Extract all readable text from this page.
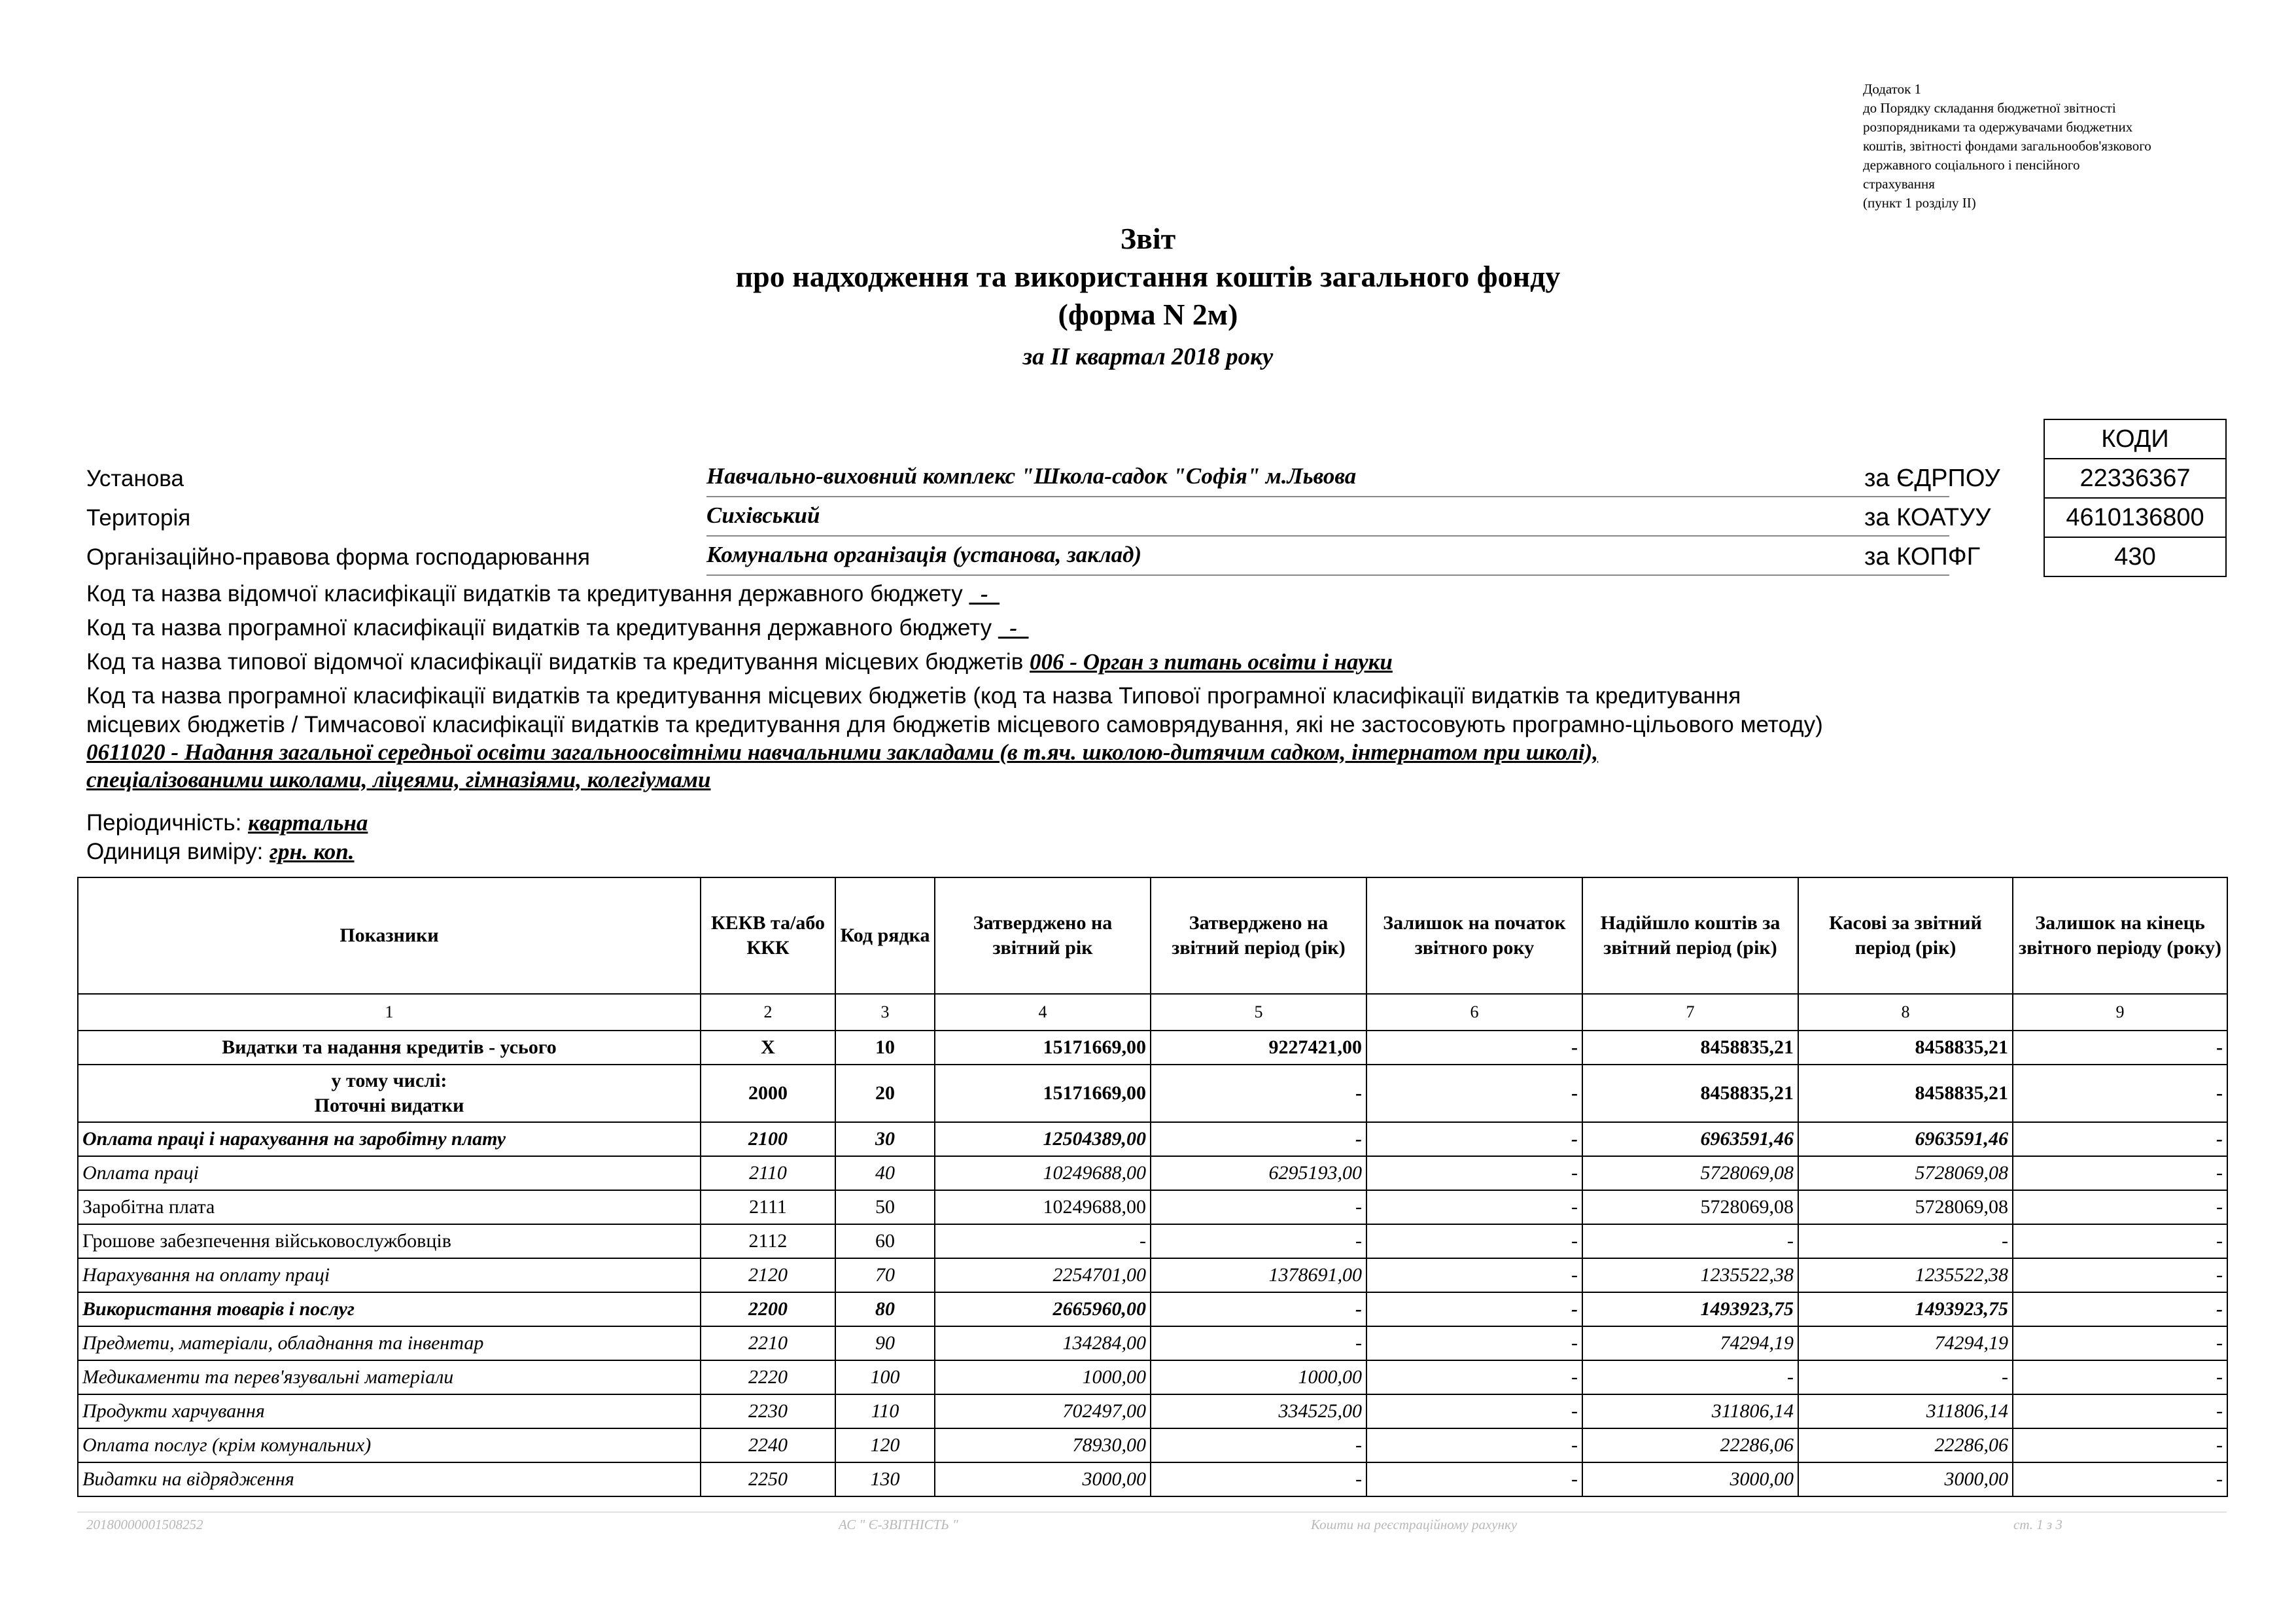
Додаток 1
до Порядку складання бюджетної звітності
розпорядниками та одержувачами бюджетних
коштів, звітності фондами загальнообов'язкового
державного соціального і пенсійного
страхування
(пункт 1 розділу II)
Звіт
про надходження та використання коштів загального фонду
(форма N 2м)
за II квартал 2018 року
КОДИ
22336367
4610136800
430
Установа	Навчально-виховний комплекс "Школа-садок "Софія" м.Львова	за ЄДРПОУ
Територія	Сихівський	за КОАТУУ
Організаційно-правова форма господарювання	Комунальна організація (установа, заклад)	за КОПФГ
Код та назва відомчої класифікації видатків та кредитування державного бюджету   -
Код та назва програмної класифікації видатків та кредитування державного бюджету   -
Код та назва типової відомчої класифікації видатків та кредитування місцевих бюджетів 006 - Орган з питань освіти і науки
Код та назва програмної класифікації видатків та кредитування місцевих бюджетів (код та назва Типової програмної класифікації видатків та кредитування
місцевих бюджетів / Тимчасової класифікації видатків та кредитування для бюджетів місцевого самоврядування, які не застосовують програмно-цільового методу)
0611020 - Надання загальної середньої освіти загальноосвітніми навчальними закладами (в т.яч. школою-дитячим садком, інтернатом при школі),
спеціалізованими школами, ліцеями, гімназіями, колегіумами
Періодичність: квартальна
Одиниця виміру: грн. коп.
Показники	КЕКВ та/або ККК	Код рядка	Затверджено на звітний рік	Затверджено на звітний період (рік)	Залишок на початок звітного року	Надійшло коштів за звітний період (рік)	Касові за звітний період (рік)	Залишок на кінець звітного періоду (року)
1	2	3	4	5	6	7	8	9
Видатки та надання кредитів - усього	X	10	15171669,00	9227421,00	-	8458835,21	8458835,21	-
у тому числі:
Поточні видатки	2000	20	15171669,00	-	-	8458835,21	8458835,21	-
Оплата праці і нарахування на заробітну плату	2100	30	12504389,00	-	-	6963591,46	6963591,46	-
Оплата праці	2110	40	10249688,00	6295193,00	-	5728069,08	5728069,08	-
Заробітна плата	2111	50	10249688,00	-	-	5728069,08	5728069,08	-
Грошове забезпечення військовослужбовців	2112	60	-	-	-	-	-	-
Нарахування на оплату праці	2120	70	2254701,00	1378691,00	-	1235522,38	1235522,38	-
Використання товарів і послуг	2200	80	2665960,00	-	-	1493923,75	1493923,75	-
Предмети, матеріали, обладнання та інвентар	2210	90	134284,00	-	-	74294,19	74294,19	-
Медикаменти та перев'язувальні матеріали	2220	100	1000,00	1000,00	-	-	-	-
Продукти харчування	2230	110	702497,00	334525,00	-	311806,14	311806,14	-
Оплата послуг (крім комунальних)	2240	120	78930,00	-	-	22286,06	22286,06	-
Видатки на відрядження	2250	130	3000,00	-	-	3000,00	3000,00	-
20180000001508252	АС " Є-ЗВІТНІСТЬ "	Кошти на реєстраційному рахунку	ст. 1 з 3
